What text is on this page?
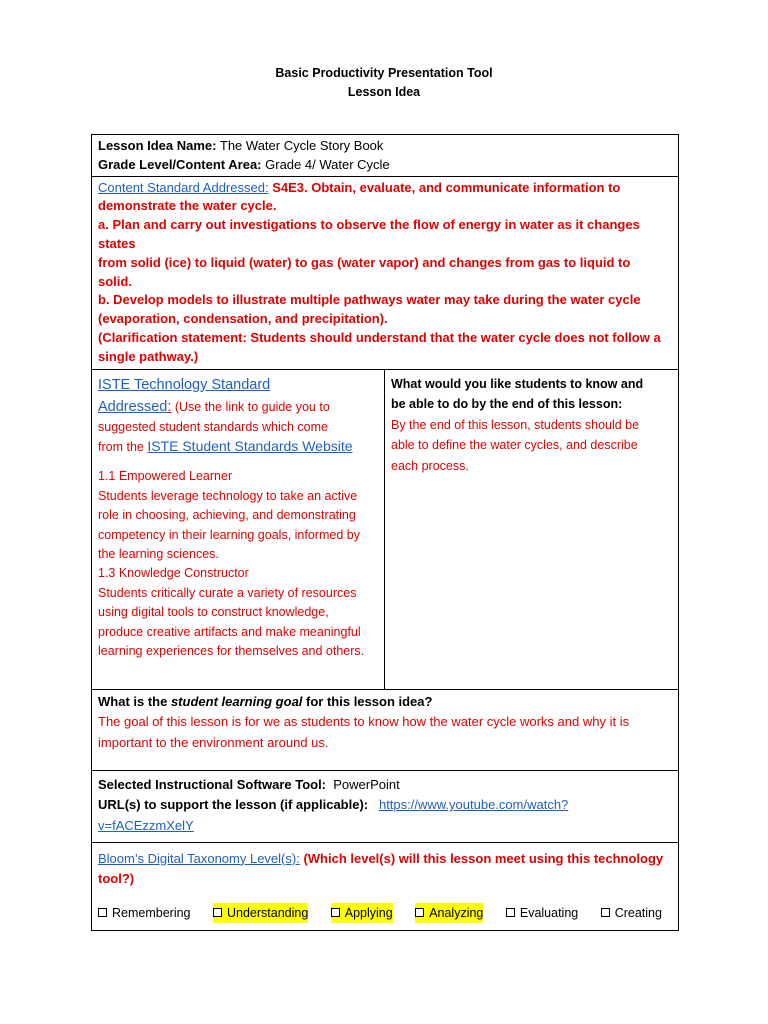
Basic Productivity Presentation Tool
Lesson Idea
Lesson Idea Name: The Water Cycle Story Book
Grade Level/Content Area: Grade 4/ Water Cycle
Content Standard Addressed: S4E3. Obtain, evaluate, and communicate information to
demonstrate the water cycle.
a. Plan and carry out investigations to observe the flow of energy in water as it changes
states
from solid (ice) to liquid (water) to gas (water vapor) and changes from gas to liquid to
solid.
b. Develop models to illustrate multiple pathways water may take during the water cycle
(evaporation, condensation, and precipitation).
(Clarification statement: Students should understand that the water cycle does not follow a
single pathway.)
ISTE Technology Standard
Addressed: (Use the link to guide you to
suggested student standards which come
from the ISTE Student Standards Website
1.1 Empowered Learner
Students leverage technology to take an active
role in choosing, achieving, and demonstrating
competency in their learning goals, informed by
the learning sciences.
1.3 Knowledge Constructor
Students critically curate a variety of resources
using digital tools to construct knowledge,
produce creative artifacts and make meaningful
learning experiences for themselves and others.
What would you like students to know and
be able to do by the end of this lesson:
By the end of this lesson, students should be
able to define the water cycles, and describe
each process.
What is the student learning goal for this lesson idea?
The goal of this lesson is for we as students to know how the water cycle works and why it is
important to the environment around us.
Selected Instructional Software Tool: PowerPoint
URL(s) to support the lesson (if applicable): https://www.youtube.com/watch?
v=fACEzzmXelY
Bloom’s Digital Taxonomy Level(s): (Which level(s) will this lesson meet using this technology
tool?)
Remembering	Understanding	Applying	Analyzing	Evaluating	Creating
